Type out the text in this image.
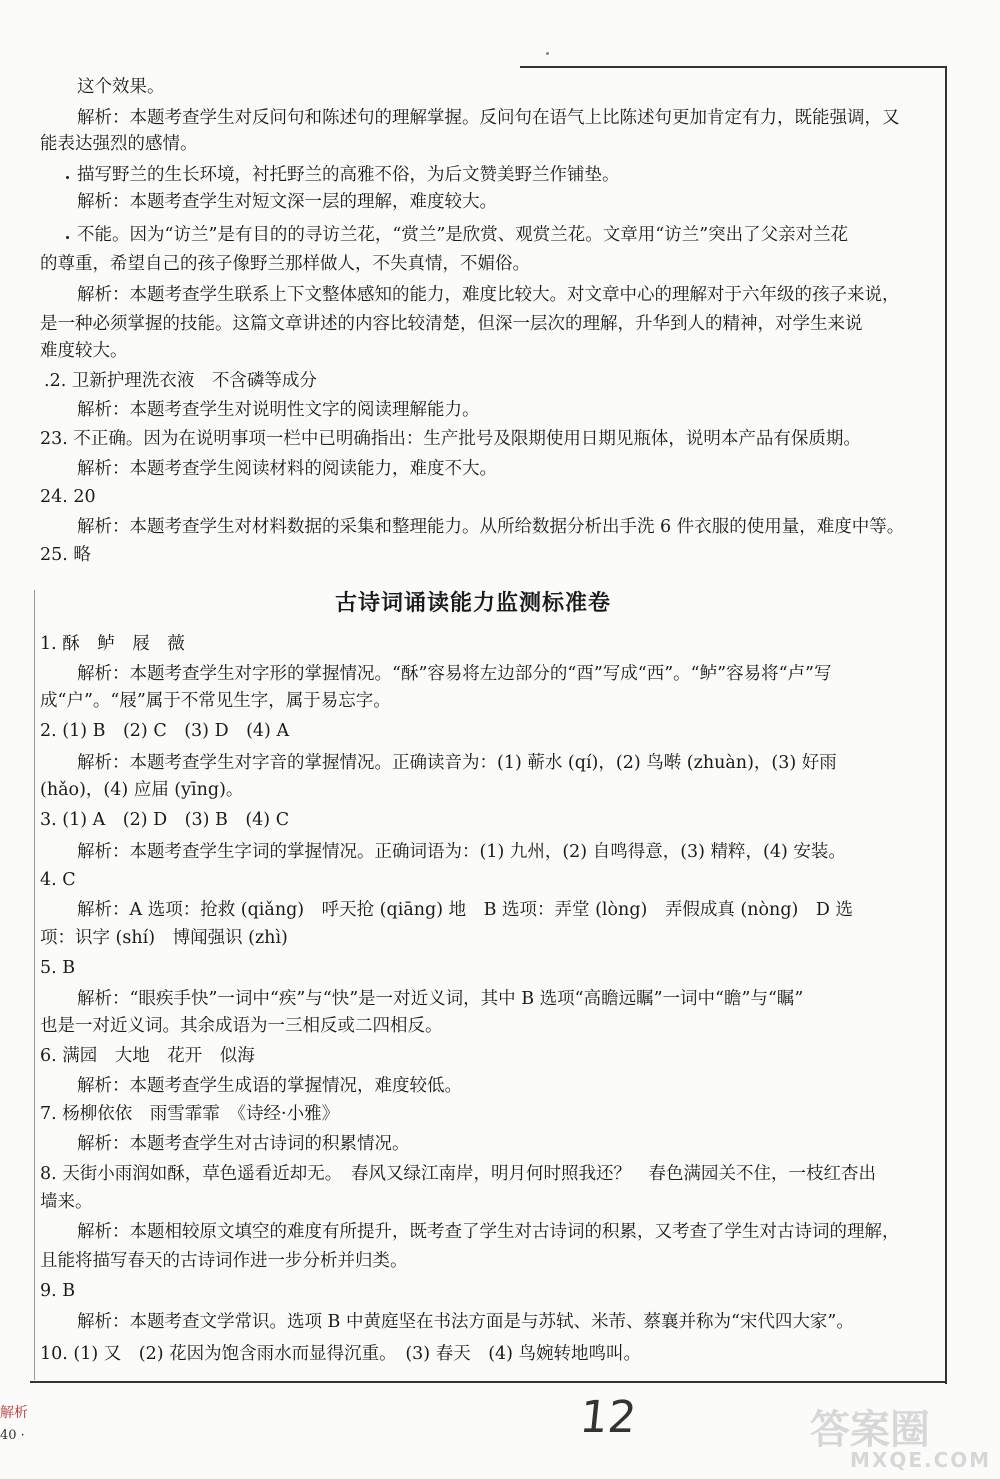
这个效果。
解析：本题考查学生对反问句和陈述句的理解掌握。反问句在语气上比陈述句更加肯定有力，既能强调，又
能表达强烈的感情。
描写野兰的生长环境，衬托野兰的高雅不俗，为后文赞美野兰作铺垫。
解析：本题考查学生对短文深一层的理解，难度较大。
不能。因为“访兰”是有目的的寻访兰花，“赏兰”是欣赏、观赏兰花。文章用“访兰”突出了父亲对兰花
的尊重，希望自己的孩子像野兰那样做人，不失真情，不媚俗。
解析：本题考查学生联系上下文整体感知的能力，难度比较大。对文章中心的理解对于六年级的孩子来说，
是一种必须掌握的技能。这篇文章讲述的内容比较清楚，但深一层次的理解，升华到人的精神，对学生来说
难度较大。
.2. 卫新护理洗衣液　不含磷等成分
解析：本题考查学生对说明性文字的阅读理解能力。
23. 不正确。因为在说明事项一栏中已明确指出：生产批号及限期使用日期见瓶体，说明本产品有保质期。
解析：本题考查学生阅读材料的阅读能力，难度不大。
24. 20
解析：本题考查学生对材料数据的采集和整理能力。从所给数据分析出手洗 6 件衣服的使用量，难度中等。
25. 略
古诗词诵读能力监测标准卷
1. 酥　鲈　屐　薇
解析：本题考查学生对字形的掌握情况。“酥”容易将左边部分的“酉”写成“西”。“鲈”容易将“卢”写
成“户”。“屐”属于不常见生字，属于易忘字。
2. (1) B　(2) C　(3) D　(4) A
解析：本题考查学生对字音的掌握情况。正确读音为：(1) 蕲水 (qí)，(2) 鸟啭 (zhuàn)，(3) 好雨
(hǎo)，(4) 应届 (yīng)。
3. (1) A　(2) D　(3) B　(4) C
解析：本题考查学生字词的掌握情况。正确词语为：(1) 九州，(2) 自鸣得意，(3) 精粹，(4) 安装。
4. C
解析：A 选项：抢救 (qiǎng)　呼天抢 (qiāng) 地　B 选项：弄堂 (lòng)　弄假成真 (nòng)　D 选
项：识字 (shí)　博闻强识 (zhì)
5. B
解析：“眼疾手快”一词中“疾”与“快”是一对近义词，其中 B 选项“高瞻远瞩”一词中“瞻”与“瞩”
也是一对近义词。其余成语为一三相反或二四相反。
6. 满园　大地　花开　似海
解析：本题考查学生成语的掌握情况，难度较低。
7. 杨柳依依　雨雪霏霏　《诗经·小雅》
解析：本题考查学生对古诗词的积累情况。
8. 天街小雨润如酥，草色遥看近却无。　春风又绿江南岸，明月何时照我还？　春色满园关不住，一枝红杏出
墙来。
解析：本题相较原文填空的难度有所提升，既考查了学生对古诗词的积累，又考查了学生对古诗词的理解，
且能将描写春天的古诗词作进一步分析并归类。
9. B
解析：本题考查文学常识。选项 B 中黄庭坚在书法方面是与苏轼、米芾、蔡襄并称为“宋代四大家”。
10. (1) 又　(2) 花因为饱含雨水而显得沉重。　(3) 春天　(4) 鸟婉转地鸣叫。
解析
40 ·	12	答案圈
MXQE.COM
